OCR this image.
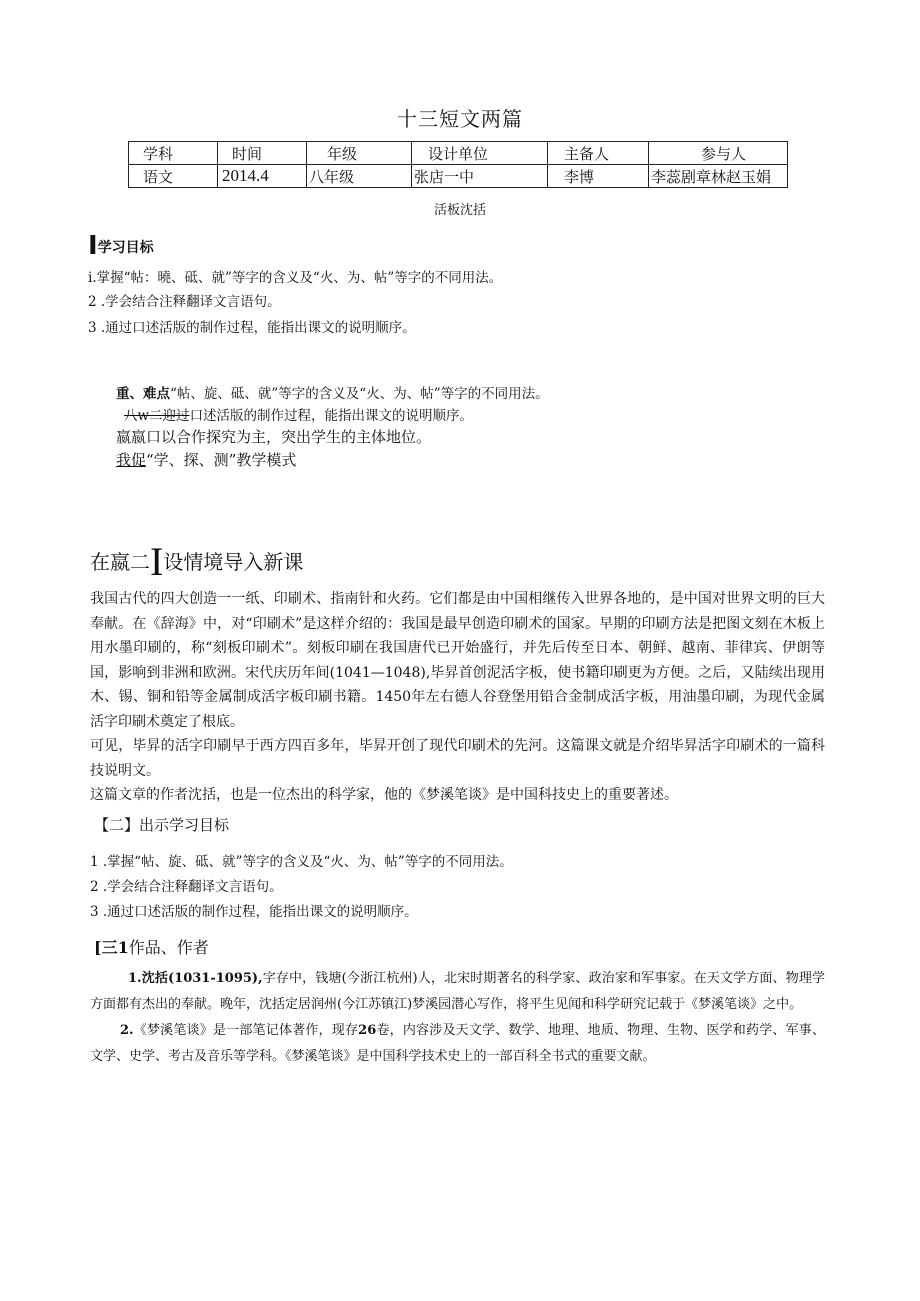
十三短文两篇
学科	时间	年级	设计单位	主备人	参与人
语文	2014.4	八年级	张店一中	李博	李蕊剧章林赵玉娟
活板沈括
I学习目标
i.掌握“帖：曉、砥、就”等字的含义及“火、为、帖”等字的不同用法。
2 .学会结合注释翻译文言语句。
3 .通过口述活版的制作过程，能指出课文的说明顺序。
重、难点“帖、旋、砥、就”等字的含义及“火、为、帖”等字的不同用法。
八w二迎过口述活版的制作过程，能指出课文的说明顺序。
嬴嬴口以合作探究为主，突出学生的主体地位。
我促“学、探、测”教学模式
在嬴二I设情境导入新课

我国古代的四大创造一一纸、印刷术、指南针和火药。它们都是由中国相继传入世界各地的，是中国对世界文明的巨大奉献。在《辞海》中，对“印刷术”是这样介绍的：我国是最早创造印刷术的国家。早期的印刷方法是把图文刻在木板上用水墨印刷的，称“刻板印刷术”。刻板印刷在我国唐代已开始盛行，并先后传至日本、朝鲜、越南、菲律宾、伊朗等国，影响到非洲和欧洲。宋代庆历年间(1041—1048),毕昇首创泥活字板，使书籍印刷更为方便。之后，又陆续出现用木、锡、铜和铅等金属制成活字板印刷书籍。1450年左右德人谷登堡用铅合金制成活字板，用油墨印刷，为现代金属活字印刷术奠定了根底。

可见，毕昇的活字印刷早于西方四百多年，毕昇开创了现代印刷术的先河。这篇课文就是介绍毕昇活字印刷术的一篇科技说明文。

这篇文章的作者沈括，也是一位杰出的科学家，他的《梦溪笔谈》是中国科技史上的重要著述。

【二】出示学习目标
1 .掌握“帖、旋、砥、就”等字的含义及“火、为、帖”等字的不同用法。
2 .学会结合注释翻译文言语句。
3 .通过口述活版的制作过程，能指出课文的说明顺序。
[三1作品、作者

1.沈括(1031-1095),字存中，钱塘(今浙江杭州)人，北宋时期著名的科学家、政治家和军事家。在天文学方面、物理学方面都有杰出的奉献。晚年，沈括定居润州(今江苏镇江)梦溪园潜心写作，将平生见闻和科学研究记载于《梦溪笔谈》之中。

2.《梦溪笔谈》是一部笔记体著作，现存26卷，内容涉及天文学、数学、地理、地质、物理、生物、医学和药学、军事、文学、史学、考古及音乐等学科。《梦溪笔谈》是中国科学技术史上的一部百科全书式的重要文献。
